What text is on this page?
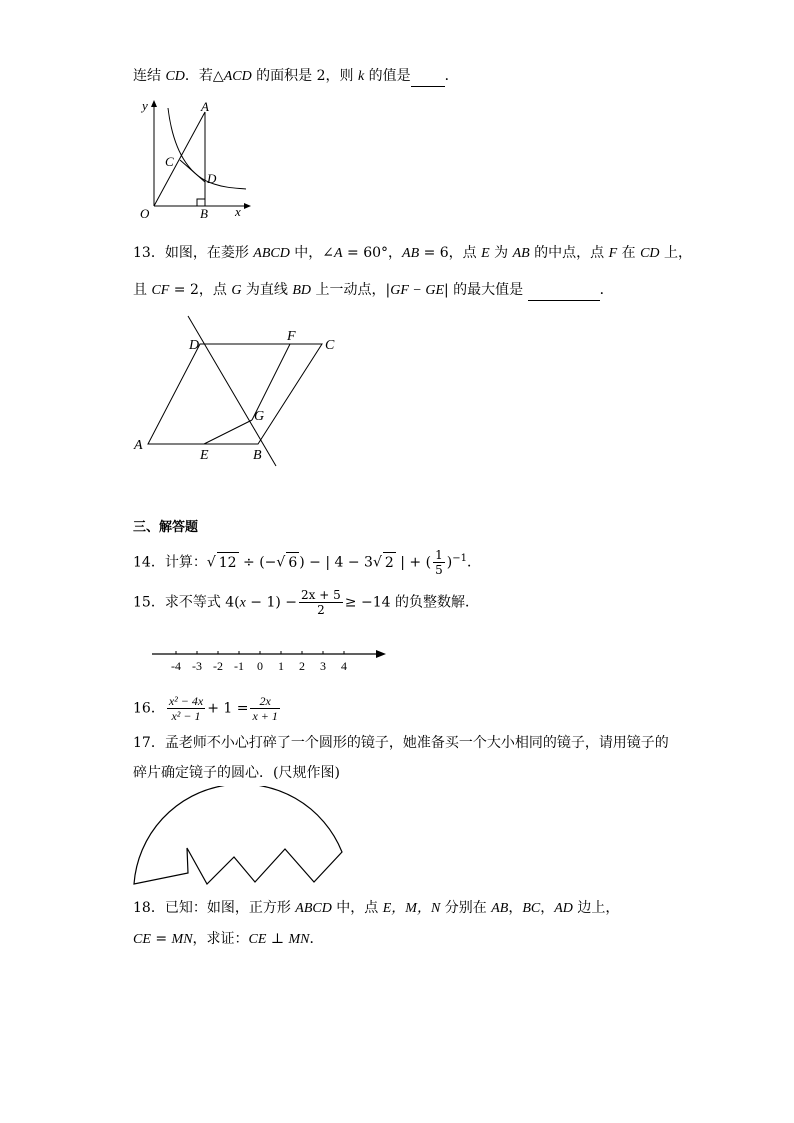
连结 CD．若△ACD 的面积是 2，则 k 的值是 ．
y	A
C
D
O	B x
13．如图，在菱形 ABCD 中，∠A = 60°，AB = 6，点 E 为 AB 的中点，点 F 在 CD 上，
且 CF = 2，点 G 为直线 BD 上一动点，|GF − GE| 的最大值是	．
D
F
C
G
A
E	B
三、解答题
14．计算：√ 12 ÷ (−√ 6 ) − | 4 − 3√ 2 | + ( $\frac{1}{5} )^{-1}$．
15．求不等式 $4(x - 1) - \frac{2x + 5}{2} \ge -14$ 的负整数解．
-4 -3 -2 -1 0 1 2 3 4
16． $\frac{\text{x² − 4x}}{\text{x² − 1}} + 1 = \frac{2x}{x + 1}$
17．孟老师不小心打碎了一个圆形的镜子，她准备买一个大小相同的镜子，请用镜子的
碎片确定镜子的圆心．(尺规作图)
18．已知：如图，正方形 ABCD 中，点 E，M，N 分别在 AB，BC，AD 边上，
CE = MN，求证：CE ⊥ MN．
